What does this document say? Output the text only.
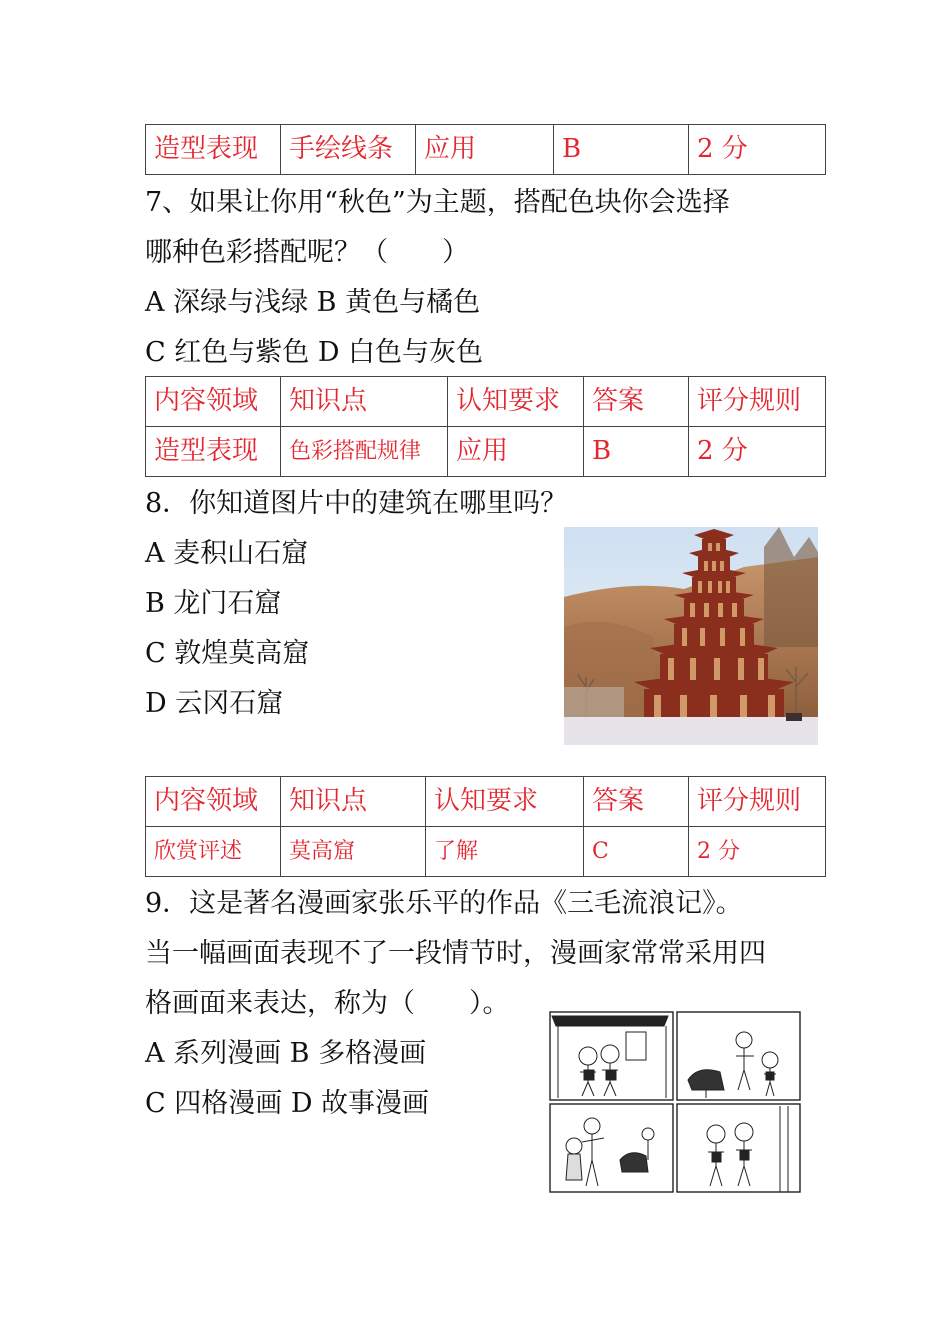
造型表现	手绘线条	应用	B	2 分
7、如果让你用“秋色”为主题，搭配色块你会选择
哪种色彩搭配呢？（　　）
A 深绿与浅绿 B 黄色与橘色
C 红色与紫色 D 白色与灰色
内容领域	知识点	认知要求	答案	评分规则
造型表现	色彩搭配规律	应用	B	2 分
8．你知道图片中的建筑在哪里吗？
A 麦积山石窟
B 龙门石窟
C 敦煌莫高窟
D 云冈石窟
内容领域	知识点	认知要求	答案	评分规则
欣赏评述	莫高窟	了解	C	2 分
9．这是著名漫画家张乐平的作品《三毛流浪记》。
当一幅画面表现不了一段情节时，漫画家常常采用四
格画面来表达，称为（　　）。
A 系列漫画 B 多格漫画
C 四格漫画 D 故事漫画
